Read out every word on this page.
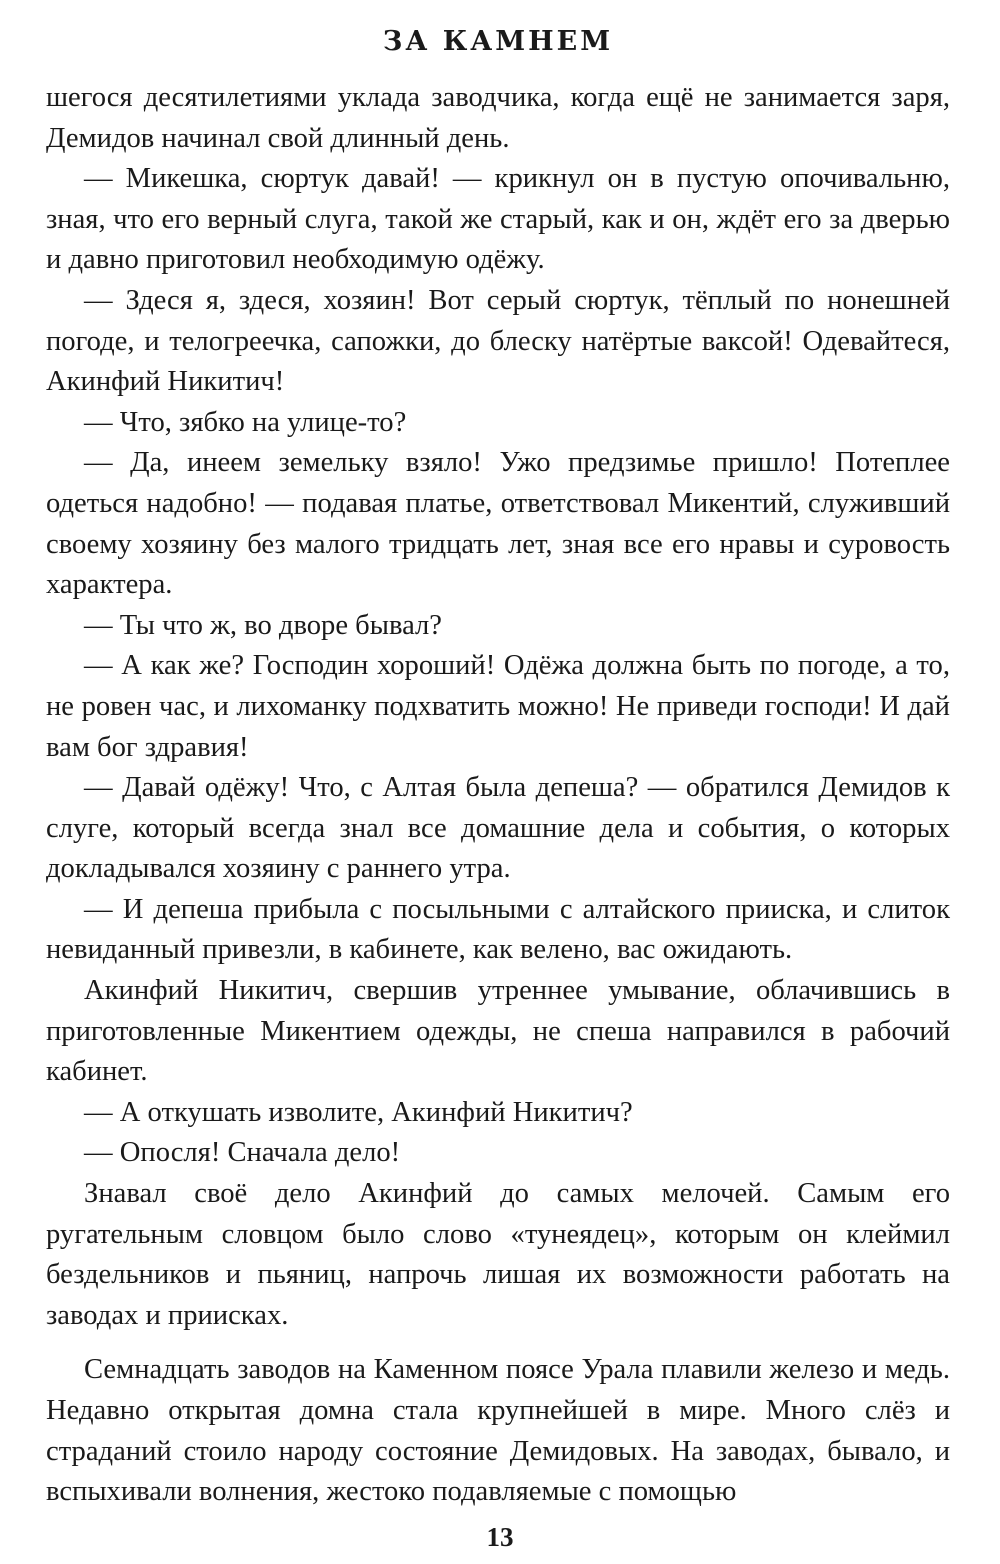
ЗА КАМНЕМ

шегося десятилетиями уклада заводчика, когда ещё не занимается заря, Демидов начинал свой длинный день.

— Микешка, сюртук давай! — крикнул он в пустую опочивальню, зная, что его верный слуга, такой же старый, как и он, ждёт его за дверью и давно приготовил необходимую одёжу.

— Здеся я, здеся, хозяин! Вот серый сюртук, тёплый по нонешней погоде, и телогреечка, сапожки, до блеску натёртые ваксой! Одевайтеся, Акинфий Никитич!

— Что, зябко на улице-то?

— Да, инеем земельку взяло! Ужо предзимье пришло! Потеплее одеться надобно! — подавая платье, ответствовал Микентий, служивший своему хозяину без малого тридцать лет, зная все его нравы и суровость характера.

— Ты что ж, во дворе бывал?

— А как же? Господин хороший! Одёжа должна быть по погоде, а то, не ровен час, и лихоманку подхватить можно! Не приведи господи! И дай вам бог здравия!

— Давай одёжу! Что, с Алтая была депеша? — обратился Демидов к слуге, который всегда знал все домашние дела и события, о которых докладывался хозяину с раннего утра.

— И депеша прибыла с посыльными с алтайского прииска, и слиток невиданный привезли, в кабинете, как велено, вас ожидають.

Акинфий Никитич, свершив утреннее умывание, облачившись в приготовленные Микентием одежды, не спеша направился в рабочий кабинет.

— А откушать изволите, Акинфий Никитич?

— Опосля! Сначала дело!

Знавал своё дело Акинфий до самых мелочей. Самым его ругательным словцом было слово «тунеядец», которым он клеймил бездельников и пьяниц, напрочь лишая их возможности работать на заводах и приисках.

Семнадцать заводов на Каменном поясе Урала плавили железо и медь. Недавно открытая домна стала крупнейшей в мире. Много слёз и страданий стоило народу состояние Демидовых. На заводах, бывало, и вспыхивали волнения, жестоко подавляемые с помощью

13
